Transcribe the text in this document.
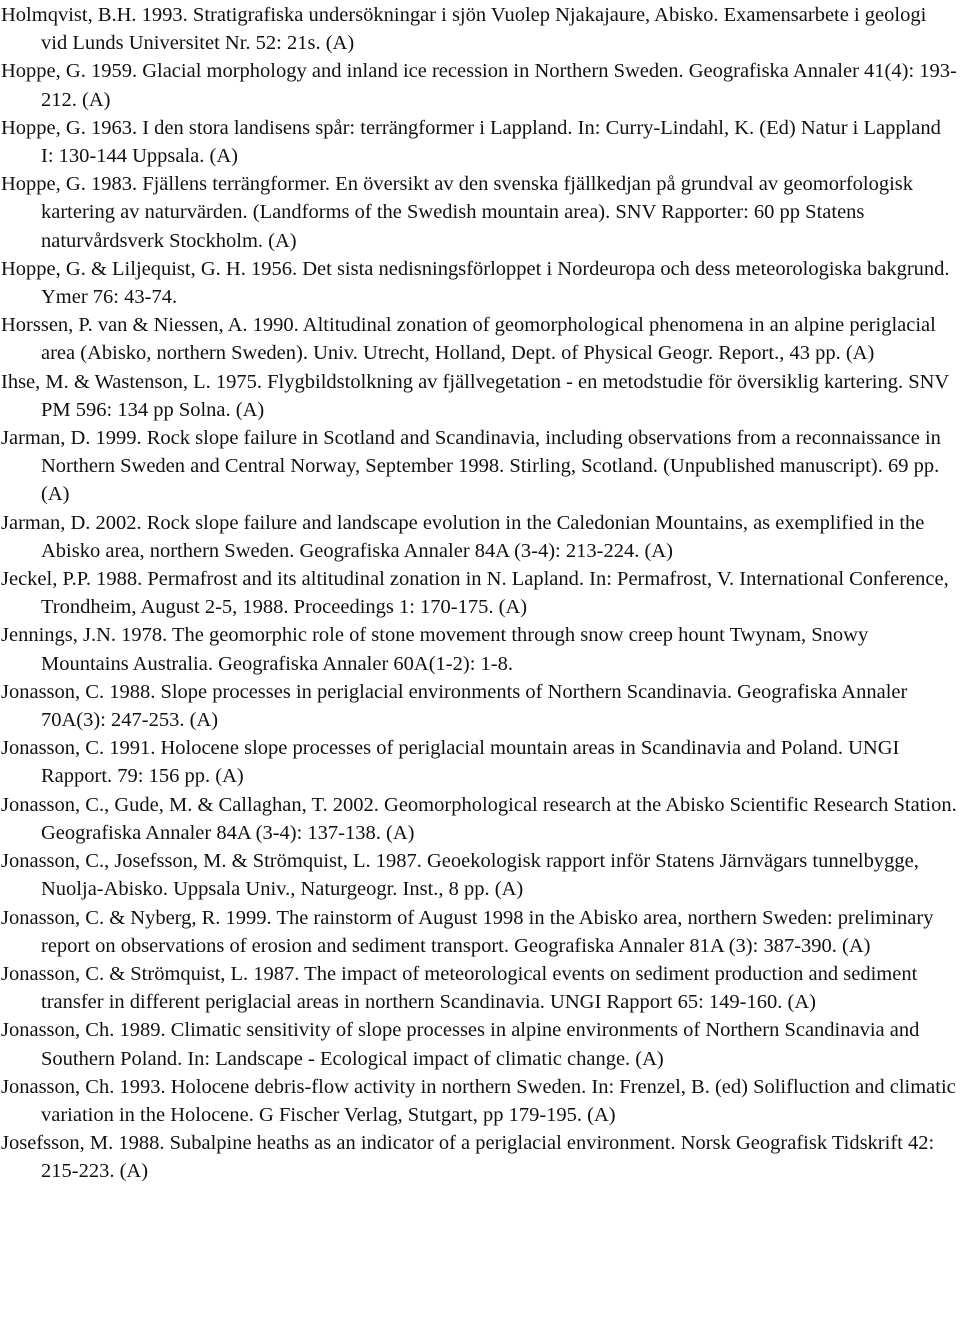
Holmqvist, B.H. 1993. Stratigrafiska undersökningar i sjön Vuolep Njakajaure, Abisko. Examensarbete i geologi vid Lunds Universitet Nr. 52: 21s. (A)
Hoppe, G. 1959. Glacial morphology and inland ice recession in Northern Sweden. Geografiska Annaler 41(4): 193-212. (A)
Hoppe, G. 1963. I den stora landisens spår: terrängformer i Lappland. In: Curry-Lindahl, K. (Ed) Natur i Lappland I: 130-144 Uppsala. (A)
Hoppe, G. 1983. Fjällens terrängformer. En översikt av den svenska fjällkedjan på grundval av geomorfologisk kartering av naturvärden. (Landforms of the Swedish mountain area). SNV Rapporter: 60 pp Statens naturvårdsverk Stockholm. (A)
Hoppe, G. & Liljequist, G. H. 1956. Det sista nedisningsförloppet i Nordeuropa och dess meteorologiska bakgrund. Ymer 76: 43-74.
Horssen, P. van & Niessen, A. 1990. Altitudinal zonation of geomorphological phenomena in an alpine periglacial area (Abisko, northern Sweden). Univ. Utrecht, Holland, Dept. of Physical Geogr. Report., 43 pp. (A)
Ihse, M. & Wastenson, L. 1975. Flygbildstolkning av fjällvegetation - en metodstudie för översiklig kartering. SNV PM 596: 134 pp Solna. (A)
Jarman, D. 1999. Rock slope failure in Scotland and Scandinavia, including observations from a reconnaissance in Northern Sweden and Central Norway, September 1998. Stirling, Scotland. (Unpublished manuscript). 69 pp. (A)
Jarman, D. 2002. Rock slope failure and landscape evolution in the Caledonian Mountains, as exemplified in the Abisko area, northern Sweden. Geografiska Annaler 84A (3-4): 213-224. (A)
Jeckel, P.P. 1988. Permafrost and its altitudinal zonation in N. Lapland. In: Permafrost, V. International Conference, Trondheim, August 2-5, 1988. Proceedings 1: 170-175. (A)
Jennings, J.N. 1978. The geomorphic role of stone movement through snow creep hount Twynam, Snowy Mountains Australia. Geografiska Annaler 60A(1-2): 1-8.
Jonasson, C. 1988. Slope processes in periglacial environments of Northern Scandinavia. Geografiska Annaler 70A(3): 247-253. (A)
Jonasson, C. 1991. Holocene slope processes of periglacial mountain areas in Scandinavia and Poland. UNGI Rapport. 79: 156 pp. (A)
Jonasson, C., Gude, M. & Callaghan, T. 2002. Geomorphological research at the Abisko Scientific Research Station. Geografiska Annaler 84A (3-4): 137-138. (A)
Jonasson, C., Josefsson, M. & Strömquist, L. 1987. Geoekologisk rapport inför Statens Järnvägars tunnelbygge, Nuolja-Abisko. Uppsala Univ., Naturgeogr. Inst., 8 pp. (A)
Jonasson, C. & Nyberg, R. 1999. The rainstorm of August 1998 in the Abisko area, northern Sweden: preliminary report on observations of erosion and sediment transport. Geografiska Annaler 81A (3): 387-390. (A)
Jonasson, C. & Strömquist, L. 1987. The impact of meteorological events on sediment production and sediment transfer in different periglacial areas in northern Scandinavia. UNGI Rapport 65: 149-160. (A)
Jonasson, Ch. 1989. Climatic sensitivity of slope processes in alpine environments of Northern Scandinavia and Southern Poland. In: Landscape - Ecological impact of climatic change. (A)
Jonasson, Ch. 1993. Holocene debris-flow activity in northern Sweden. In: Frenzel, B. (ed) Solifluction and climatic variation in the Holocene. G Fischer Verlag, Stutgart, pp 179-195. (A)
Josefsson, M. 1988. Subalpine heaths as an indicator of a periglacial environment. Norsk Geografisk Tidskrift 42: 215-223. (A)
